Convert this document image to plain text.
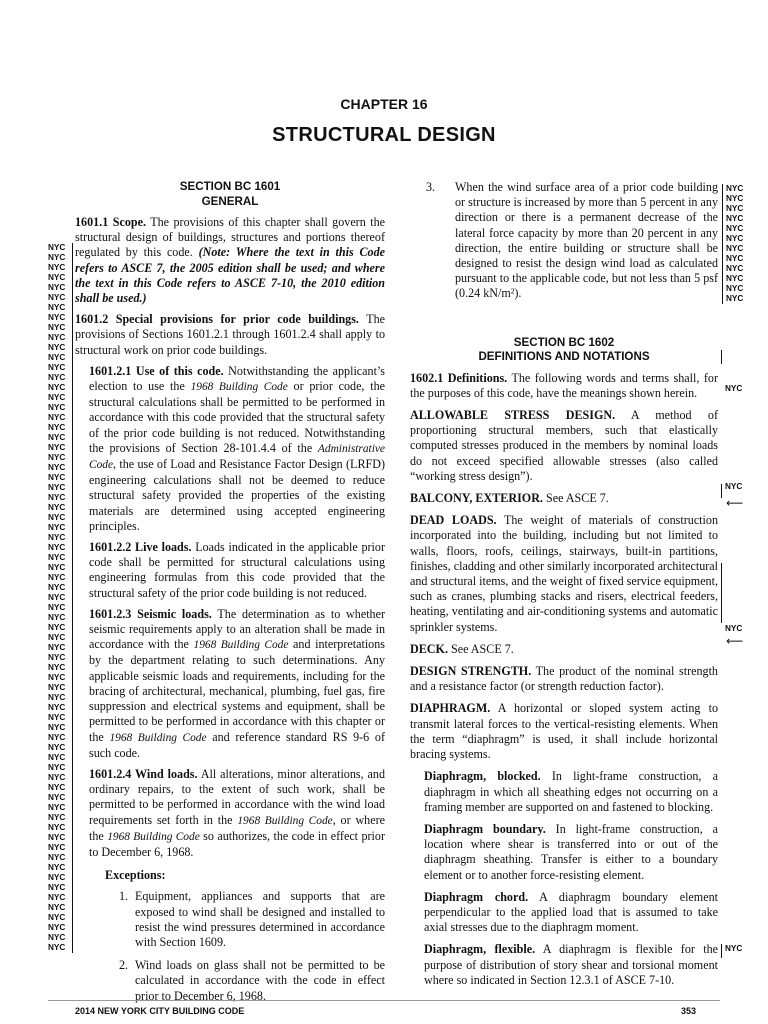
CHAPTER 16
STRUCTURAL DESIGN
SECTION BC 1601
GENERAL

1601.1 Scope. The provisions of this chapter shall govern the structural design of buildings, structures and portions thereof regulated by this code. (Note: Where the text in this Code refers to ASCE 7, the 2005 edition shall be used; and where the text in this Code refers to ASCE 7-10, the 2010 edition shall be used.)

1601.2 Special provisions for prior code buildings. The provisions of Sections 1601.2.1 through 1601.2.4 shall apply to structural work on prior code buildings.

1601.2.1 Use of this code. Notwithstanding the applicant’s election to use the 1968 Building Code or prior code, the structural calculations shall be permitted to be performed in accordance with this code provided that the structural safety of the prior code building is not reduced. Notwithstanding the provisions of Section 28-101.4.4 of the Administrative Code, the use of Load and Resistance Factor Design (LRFD) engineering calculations shall not be deemed to reduce structural safety provided the properties of the existing materials are determined using accepted engineering principles.

1601.2.2 Live loads. Loads indicated in the applicable prior code shall be permitted for structural calculations using engineering formulas from this code provided that the structural safety of the prior code building is not reduced.

1601.2.3 Seismic loads. The determination as to whether seismic requirements apply to an alteration shall be made in accordance with the 1968 Building Code and interpretations by the department relating to such determinations. Any applicable seismic loads and requirements, including for the bracing of architectural, mechanical, plumbing, fuel gas, fire suppression and electrical systems and equipment, shall be permitted to be performed in accordance with this chapter or the 1968 Building Code and reference standard RS 9-6 of such code.

1601.2.4 Wind loads. All alterations, minor alterations, and ordinary repairs, to the extent of such work, shall be permitted to be performed in accordance with the wind load requirements set forth in the 1968 Building Code, or where the 1968 Building Code so authorizes, the code in effect prior to December 6, 1968.

Exceptions:
1. Equipment, appliances and supports that are exposed to wind shall be designed and installed to resist the wind pressures determined in accordance with Section 1609.
2. Wind loads on glass shall not be permitted to be calculated in accordance with the code in effect prior to December 6, 1968.

3. When the wind surface area of a prior code building or structure is increased by more than 5 percent in any direction or there is a permanent decrease of the lateral force capacity by more than 20 percent in any direction, the entire building or structure shall be designed to resist the design wind load as calculated pursuant to the applicable code, but not less than 5 psf (0.24 kN/m²).

SECTION BC 1602
DEFINITIONS AND NOTATIONS

1602.1 Definitions. The following words and terms shall, for the purposes of this code, have the meanings shown herein.

ALLOWABLE STRESS DESIGN. A method of proportioning structural members, such that elastically computed stresses produced in the members by nominal loads do not exceed specified allowable stresses (also called “working stress design”).

BALCONY, EXTERIOR. See ASCE 7.

DEAD LOADS. The weight of materials of construction incorporated into the building, including but not limited to walls, floors, roofs, ceilings, stairways, built-in partitions, finishes, cladding and other similarly incorporated architectural and structural items, and the weight of fixed service equipment, such as cranes, plumbing stacks and risers, electrical feeders, heating, ventilating and air-conditioning systems and automatic sprinkler systems.

DECK. See ASCE 7.

DESIGN STRENGTH. The product of the nominal strength and a resistance factor (or strength reduction factor).

DIAPHRAGM. A horizontal or sloped system acting to transmit lateral forces to the vertical-resisting elements. When the term “diaphragm” is used, it shall include horizontal bracing systems.

Diaphragm, blocked. In light-frame construction, a diaphragm in which all sheathing edges not occurring on a framing member are supported on and fastened to blocking.

Diaphragm boundary. In light-frame construction, a location where shear is transferred into or out of the diaphragm sheathing. Transfer is either to a boundary element or to another force-resisting element.

Diaphragm chord. A diaphragm boundary element perpendicular to the applied load that is assumed to take axial stresses due to the diaphragm moment.

Diaphragm, flexible. A diaphragm is flexible for the purpose of distribution of story shear and torsional moment where so indicated in Section 12.3.1 of ASCE 7-10.

NYC
NYC
NYC
NYC
NYC
NYC
NYC
NYC
NYC
NYC
NYC
NYC
NYC
NYC
NYC
NYC
NYC
NYC
NYC
NYC
NYC
NYC
NYC
NYC
NYC
NYC
NYC
NYC
NYC
NYC
NYC
NYC
NYC
NYC
NYC
NYC
NYC
NYC
NYC
NYC
NYC
NYC
NYC
NYC
NYC
NYC
NYC
NYC
NYC
NYC
NYC
NYC
NYC
NYC
NYC
NYC
NYC
NYC
NYC
NYC
NYC
NYC
NYC
NYC
NYC
NYC
NYC
NYC
NYC
NYC
NYC
NYC
NYC
NYC
NYC
NYC
NYC
NYC
NYC
NYC
NYC
NYC
NYC
NYC
NYC
⟵
NYC
⟵
NYC
2014 NEW YORK CITY BUILDING CODE	353
